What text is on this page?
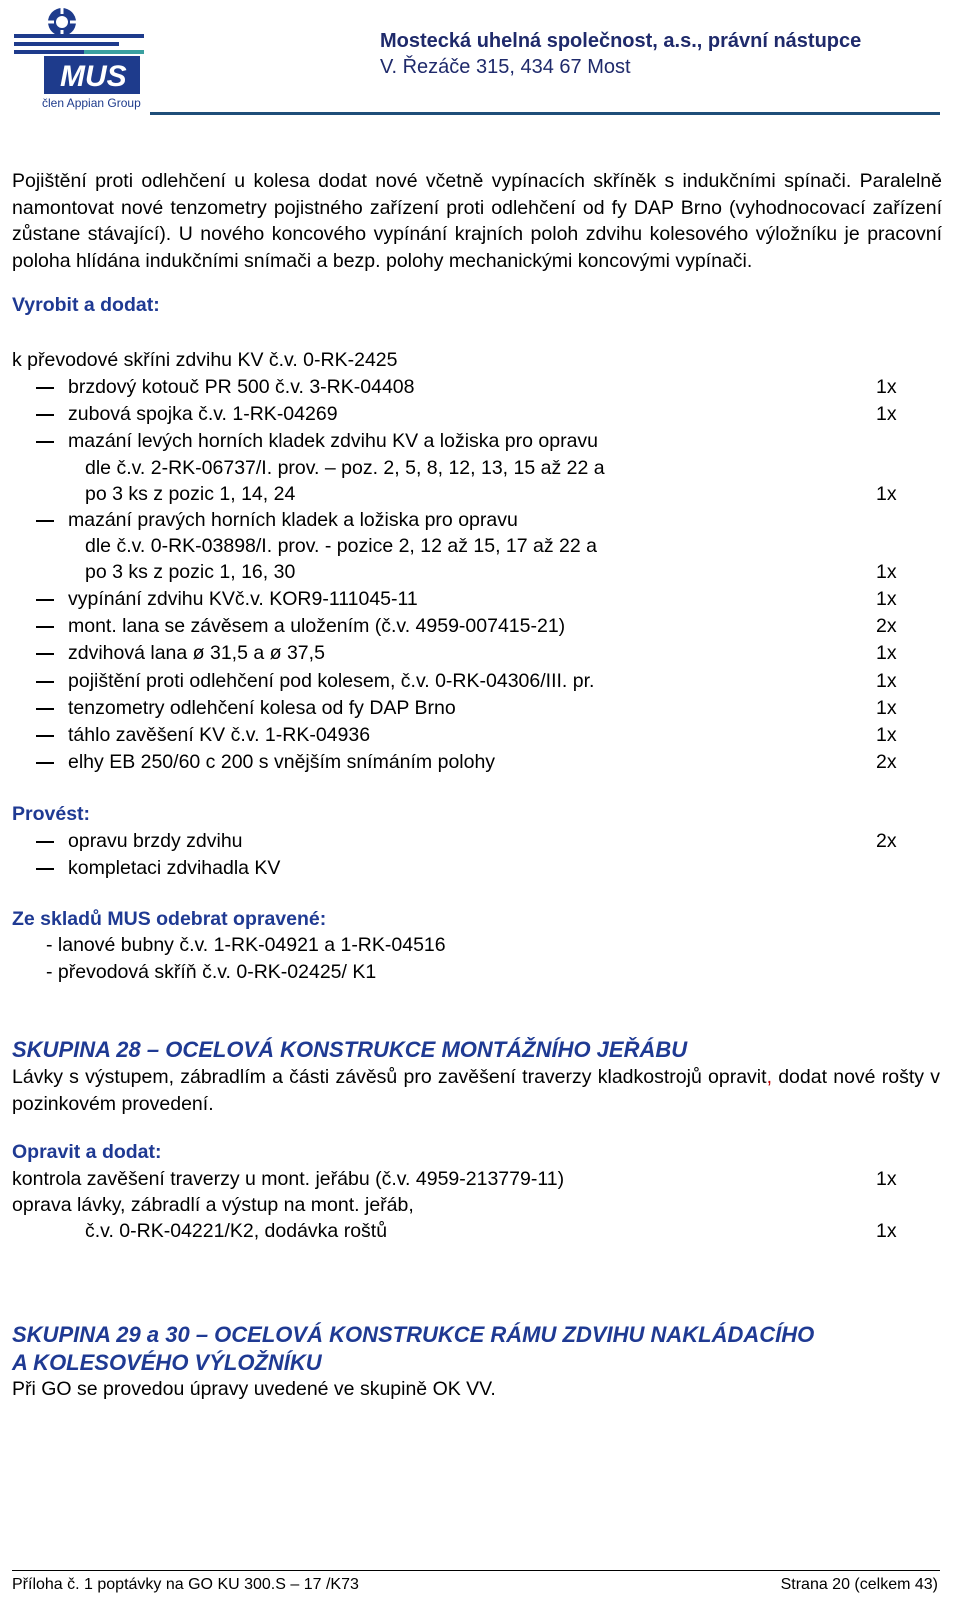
MUS
člen Appian Group
Mostecká uhelná společnost, a.s., právní nástupce
V. Řezáče 315, 434 67 Most
Pojištění proti odlehčení u kolesa dodat nové včetně vypínacích skříněk s indukčními spínači. Paralelně namontovat nové tenzometry pojistného zařízení proti odlehčení od fy DAP Brno (vyhodnocovací zařízení zůstane stávající). U nového koncového vypínání krajních poloh zdvihu kolesového výložníku je pracovní poloha hlídána indukčními snímači a bezp. polohy mechanickými koncovými vypínači.
Vyrobit a dodat:
k převodové skříni zdvihu KV č.v. 0-RK-2425
brzdový kotouč PR 500 č.v. 3-RK-04408	1x
zubová spojka č.v. 1-RK-04269	1x
mazání levých horních kladek zdvihu KV a ložiska pro opravu
dle č.v. 2-RK-06737/I. prov. – poz. 2, 5, 8, 12, 13, 15 až 22 a
po 3 ks z pozic 1, 14, 24	1x
mazání pravých horních kladek a ložiska pro opravu
dle č.v. 0-RK-03898/I. prov. - pozice 2, 12 až 15, 17 až 22 a
po 3 ks z pozic 1, 16, 30	1x
vypínání zdvihu KVč.v. KOR9-111045-11	1x
mont. lana se závěsem a uložením (č.v. 4959-007415-21)	2x
zdvihová lana ø 31,5 a ø 37,5	1x
pojištění proti odlehčení pod kolesem, č.v. 0-RK-04306/III. pr.	1x
tenzometry odlehčení kolesa od fy DAP Brno	1x
táhlo zavěšení KV č.v. 1-RK-04936	1x
elhy EB 250/60 c 200 s vnějším snímáním polohy	2x
Provést:
opravu brzdy zdvihu	2x
kompletaci zdvihadla KV
Ze skladů MUS odebrat opravené:
- lanové bubny č.v. 1-RK-04921 a 1-RK-04516
- převodová skříň č.v. 0-RK-02425/ K1
SKUPINA 28 – OCELOVÁ KONSTRUKCE MONTÁŽNÍHO JEŘÁBU
Lávky s výstupem, zábradlím a části závěsů pro zavěšení traverzy kladkostrojů opravit, dodat nové rošty v pozinkovém provedení.
Opravit a dodat:
kontrola zavěšení traverzy u mont. jeřábu (č.v. 4959-213779-11)	1x
oprava lávky, zábradlí a výstup na mont. jeřáb,
č.v. 0-RK-04221/K2, dodávka roštů	1x
SKUPINA 29 a 30 – OCELOVÁ KONSTRUKCE RÁMU ZDVIHU NAKLÁDACÍHO
A KOLESOVÉHO VÝLOŽNÍKU
Při GO se provedou úpravy uvedené ve skupině OK VV.
Příloha č. 1 poptávky na GO KU 300.S – 17 /K73	Strana 20 (celkem 43)
